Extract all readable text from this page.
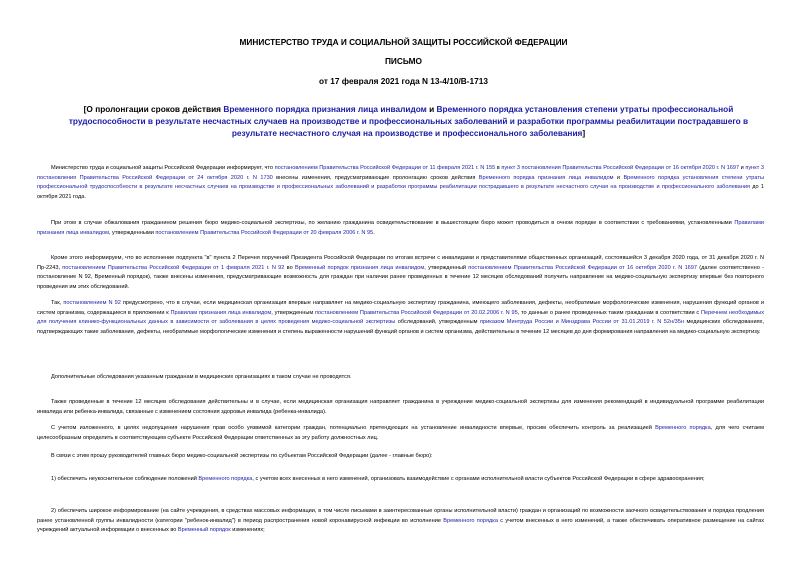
МИНИСТЕРСТВО ТРУДА И СОЦИАЛЬНОЙ ЗАЩИТЫ РОССИЙСКОЙ ФЕДЕРАЦИИ
ПИСЬМО
от 17 февраля 2021 года N 13-4/10/В-1713
[О пролонгации сроков действия Временного порядка признания лица инвалидом и Временного порядка установления степени утраты профессиональной трудоспособности в результате несчастных случаев на производстве и профессиональных заболеваний и разработки программы реабилитации пострадавшего в результате несчастного случая на производстве и профессионального заболевания]
Министерство труда и социальной защиты Российской Федерации информирует, что постановлением Правительства Российской Федерации от 11 февраля 2021 г. N 155 в пункт 3 постановления Правительства Российской Федерации от 16 октября 2020 г. N 1697 и пункт 3 постановления Правительства Российской Федерации от 24 октября 2020 г. N 1730 внесены изменения, предусматривающие пролонгацию сроков действия Временного порядка признания лица инвалидом и Временного порядка установления степени утраты профессиональной трудоспособности в результате несчастных случаев на производстве и профессиональных заболеваний и разработки программы реабилитации пострадавшего в результате несчастного случая на производстве и профессионального заболевания до 1 октября 2021 года.
При этом в случае обжалования гражданином решения бюро медико-социальной экспертизы, по желанию гражданина освидетельствование в вышестоящем бюро может проводиться в очном порядке в соответствии с требованиями, установленными Правилами признания лица инвалидом, утвержденными постановлением Правительства Российской Федерации от 20 февраля 2006 г. N 95.
Кроме этого информируем, что во исполнение подпункта "в" пункта 2 Перечня поручений Президента Российской Федерации по итогам встречи с инвалидами и представителями общественных организаций, состоявшейся 3 декабря 2020 года, от 31 декабря 2020 г. N Пр-2243, постановлением Правительства Российской Федерации от 1 февраля 2021 г. N 92 во Временный порядок признания лица инвалидом, утвержденный постановлением Правительства Российской Федерации от 16 октября 2020 г. N 1697 (далее соответственно - постановление N 92, Временный порядок), также внесены изменения, предусматривающие возможность для граждан при наличии ранее проведенных в течение 12 месяцев обследований получить направление на медико-социальную экспертизу впервые без повторного проведения им этих обследований.
Так, постановлением N 92 предусмотрено, что в случае, если медицинская организация впервые направляет на медико-социальную экспертизу гражданина, имеющего заболевания, дефекты, необратимые морфологические изменения, нарушения функций органов и систем организма, содержащиеся в приложении к Правилам признания лица инвалидом, утвержденным постановлением Правительства Российской Федерации от 20.02.2006 г. N 95, то данные о ранее проведенных таким гражданам в соответствии с Перечнем необходимых для получения клинико-функциональных данных в зависимости от заболевания в целях проведения медико-социальной экспертизы обследований, утвержденным приказом Минтруда России и Минздрава России от 31.01.2019 г. N 52н/35н медицинских обследованиях, подтверждающих такие заболевания, дефекты, необратимые морфологические изменения и степень выраженности нарушений функций органов и систем организма, действительны в течение 12 месяцев до дня формирования направления на медико-социальную экспертизу.
Дополнительные обследования указанным гражданам в медицинских организациях в таком случае не проводятся.
Также проведенные в течение 12 месяцев обследования действительны и в случае, если медицинская организация направляет гражданина в учреждение медико-социальной экспертизы для изменения рекомендаций в индивидуальной программе реабилитации инвалида или ребенка-инвалида, связанные с изменением состояния здоровья инвалида (ребенка-инвалида).
С учетом изложенного, в целях недопущения нарушения прав особо уязвимой категории граждан, потенциально претендующих на установление инвалидности впервые, просим обеспечить контроль за реализацией Временного порядка, для чего считаем целесообразным определить в соответствующем субъекте Российской Федерации ответственных за эту работу должностных лиц.
В связи с этим прошу руководителей главных бюро медико-социальной экспертизы по субъектам Российской Федерации (далее - главные бюро):
1) обеспечить неукоснительное соблюдение положений Временного порядка, с учетом всех внесенных в него изменений, организовать взаимодействие с органами исполнительной власти субъектов Российской Федерации в сфере здравоохранения;
2) обеспечить широкое информирование (на сайте учреждения, в средствах массовых информации, в том числе письмами в заинтересованные органы исполнительной власти) граждан и организаций по возможности заочного освидетельствования и порядка продления ранее установленной группы инвалидности (категории "ребенок-инвалид") в период распространения новой коронавирусной инфекции во исполнение Временного порядка с учетом внесенных в него изменений, а также обеспечивать оперативное размещение на сайтах учреждений актуальной информации о внесенных во Временный порядок изменениях;
